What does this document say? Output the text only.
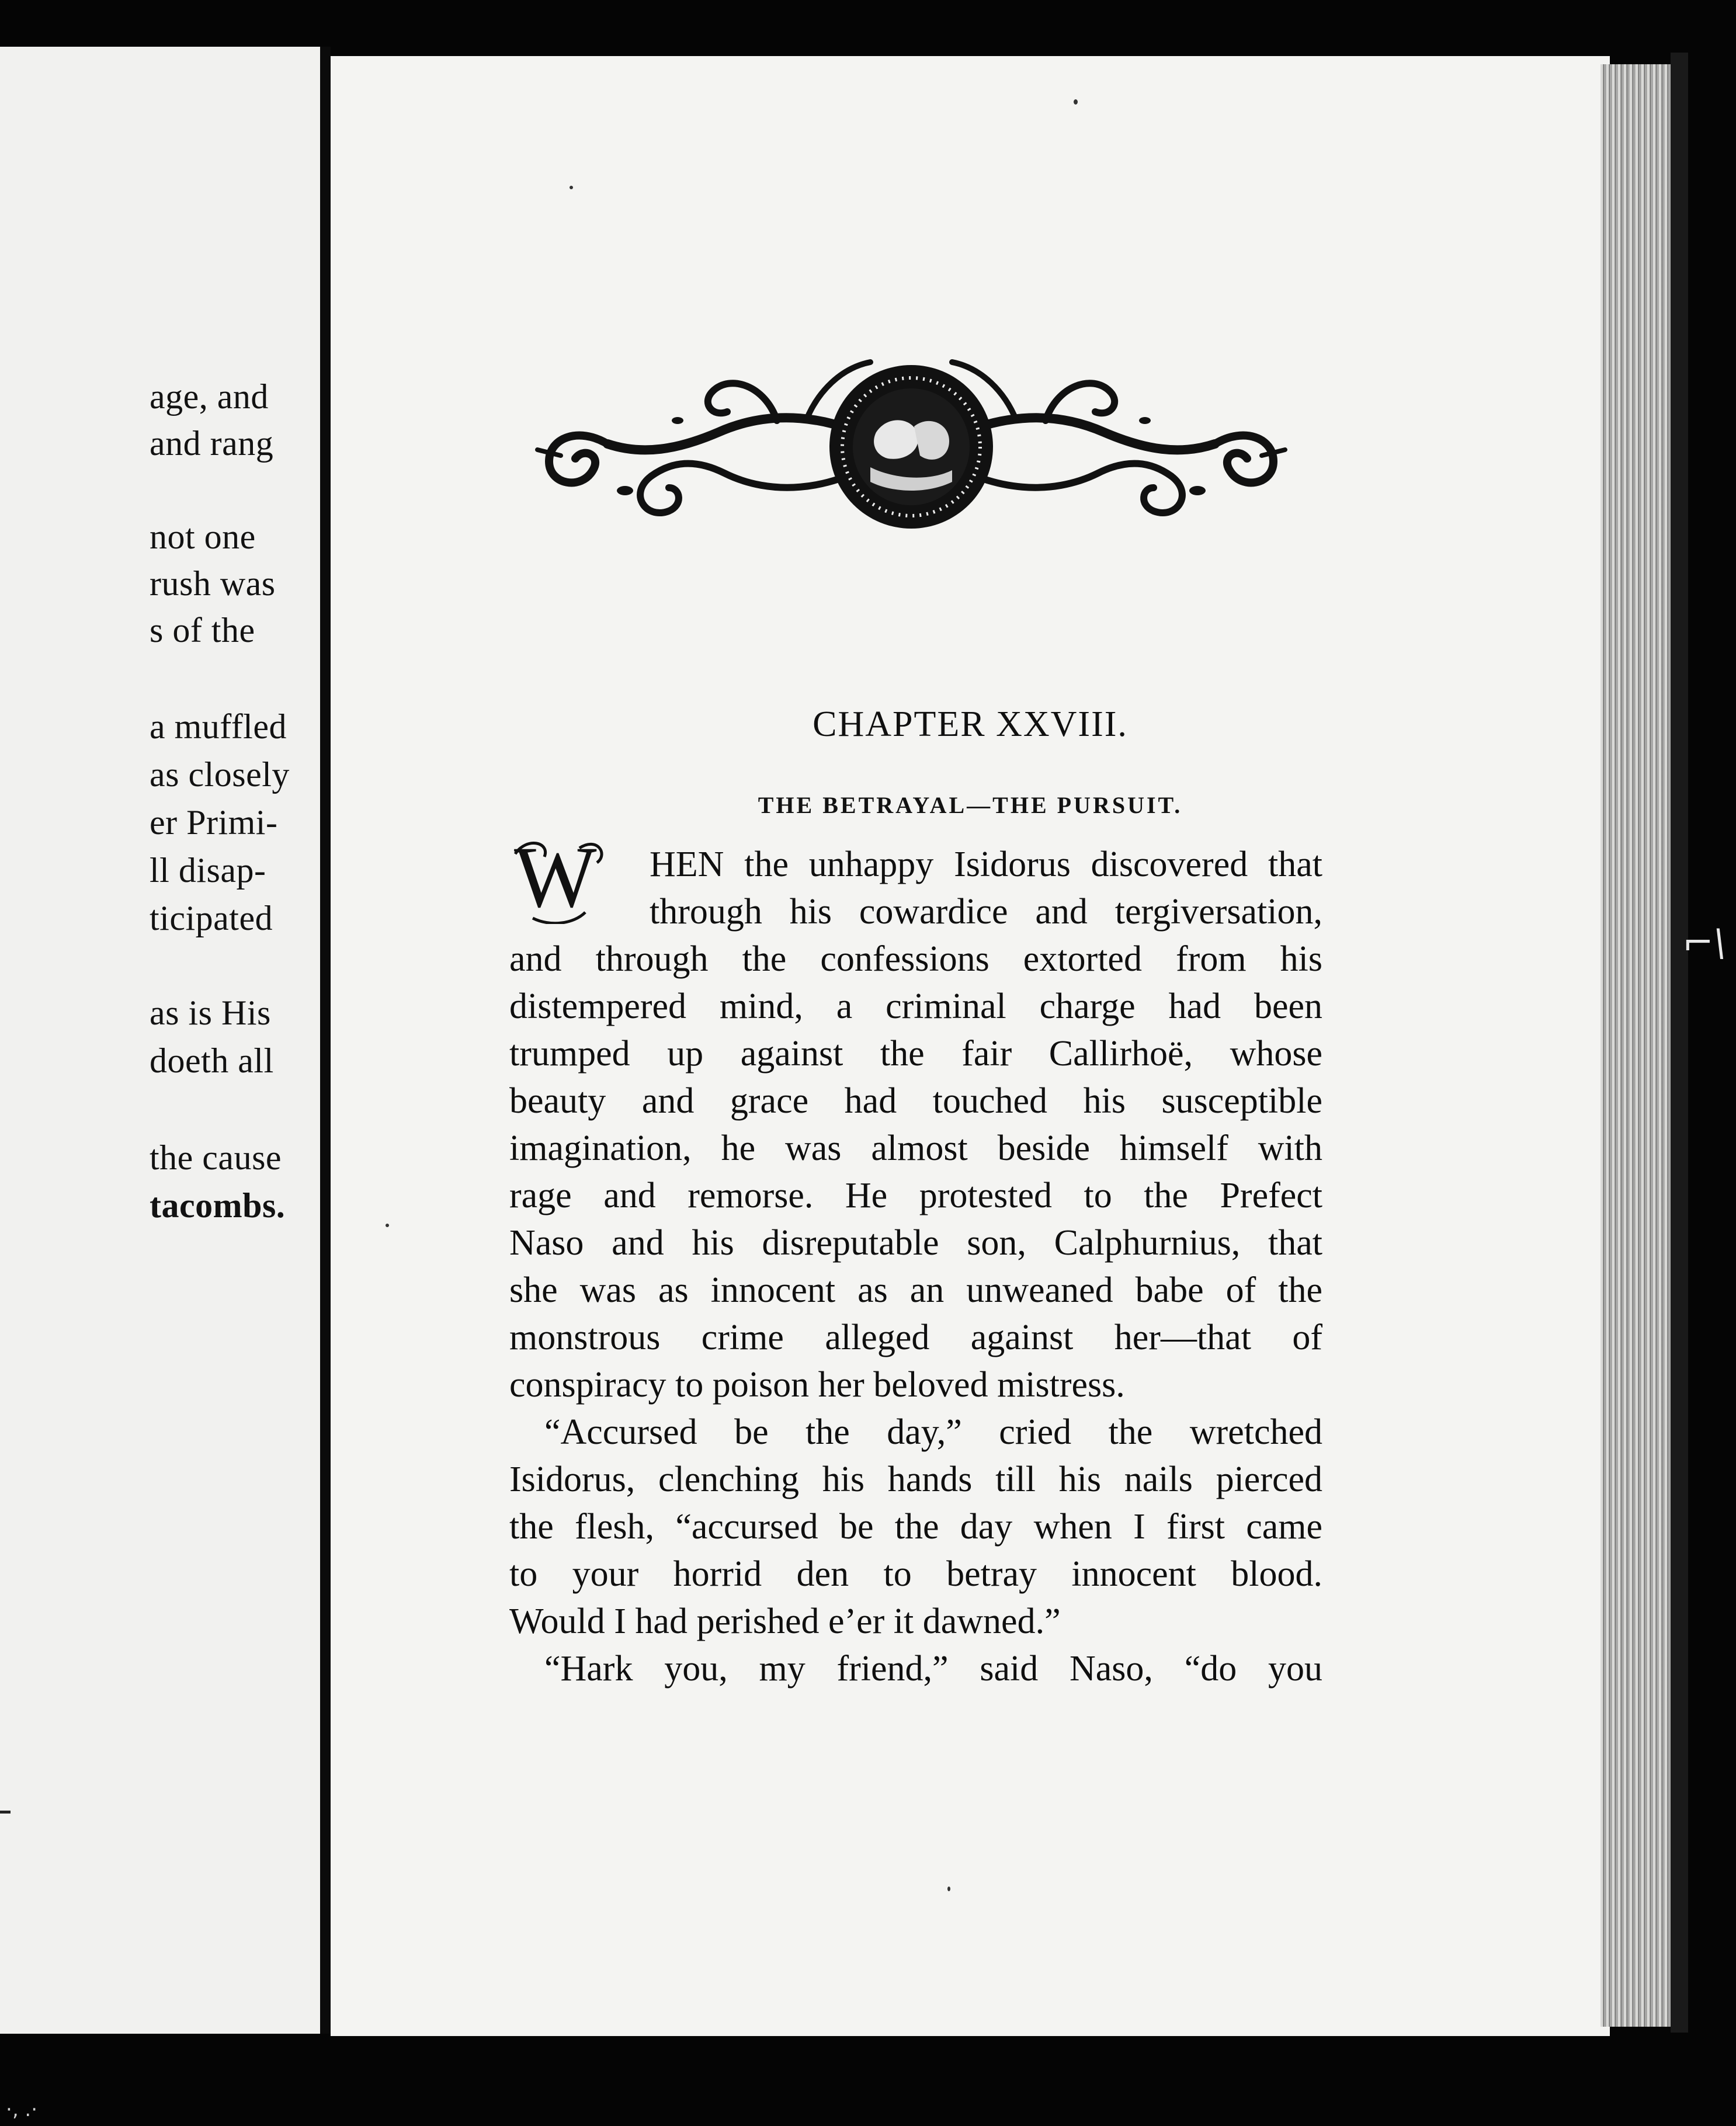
age, and
and rang
not one
rush was
s of the
a muffled
as closely
er Primi-
ll disap-
ticipated
as is His
doeth all
the cause
tacombs.
CHAPTER XXVIII.
THE BETRAYAL—THE PURSUIT.
W	HEN the unhappy Isidorus discovered that
through his cowardice and tergiversation,
and through the confessions extorted from his
distempered mind, a criminal charge had been
trumped up against the fair Callirhoë, whose
beauty and grace had touched his susceptible
imagination, he was almost beside himself with
rage and remorse. He protested to the Prefect
Naso and his disreputable son, Calphurnius, that
she was as innocent as an unweaned babe of the
monstrous crime alleged against her—that of
conspiracy to poison her beloved mistress.
“Accursed be the day,” cried the wretched
Isidorus, clenching his hands till his nails pierced
the flesh, “accursed be the day when I first came
to your horrid den to betray innocent blood.
Would I had perished e’er it dawned.”
“Hark you, my friend,” said Naso, “do you
⌐\
·‚ .·
